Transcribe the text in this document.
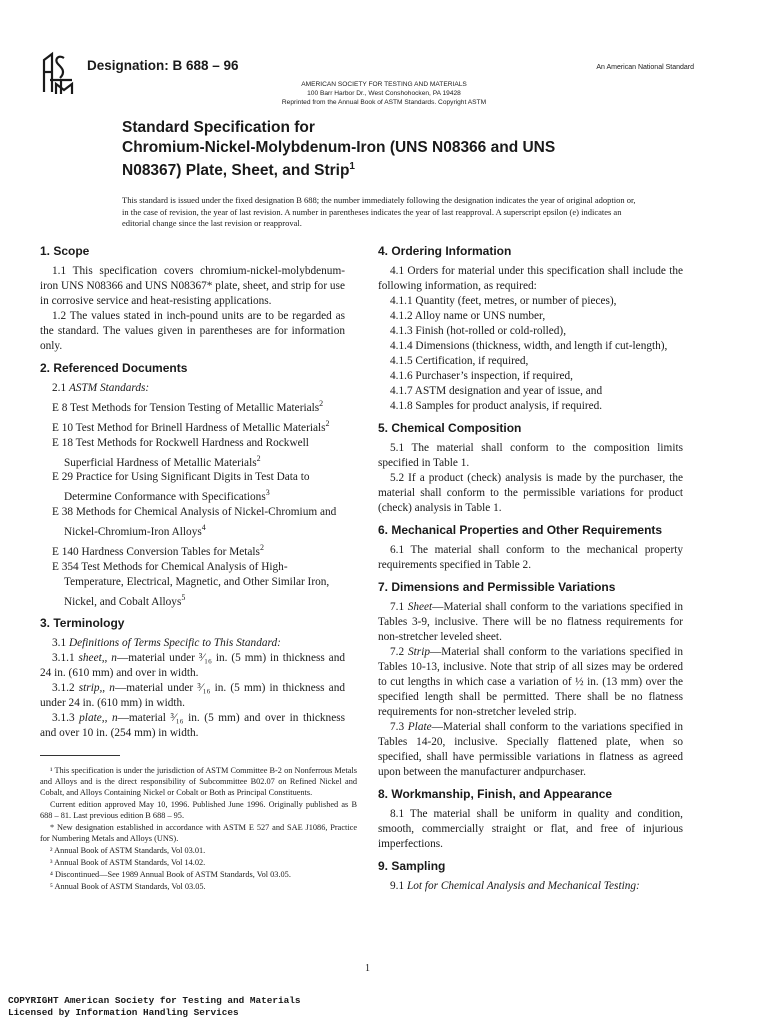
Designation: B 688 – 96	An American National Standard
AMERICAN SOCIETY FOR TESTING AND MATERIALS
100 Barr Harbor Dr., West Conshohocken, PA 19428
Reprinted from the Annual Book of ASTM Standards. Copyright ASTM
Standard Specification for
Chromium-Nickel-Molybdenum-Iron (UNS N08366 and UNS
N08367) Plate, Sheet, and Strip$^1$
This standard is issued under the fixed designation B 688; the number immediately following the designation indicates the year of original adoption or, in the case of revision, the year of last revision. A number in parentheses indicates the year of last reapproval. A superscript epsilon (e) indicates an editorial change since the last revision or reapproval.
1. Scope

1.1 This specification covers chromium-nickel-molybdenum-iron UNS N08366 and UNS N08367* plate, sheet, and strip for use in corrosive service and heat-resisting applications.

1.2 The values stated in inch-pound units are to be regarded as the standard. The values given in parentheses are for information only.

2. Referenced Documents

2.1 ASTM Standards:

E 8 Test Methods for Tension Testing of Metallic Materials$^2$

E 10 Test Method for Brinell Hardness of Metallic Materials$^2$

E 18 Test Methods for Rockwell Hardness and Rockwell Superficial Hardness of Metallic Materials$^2$

E 29 Practice for Using Significant Digits in Test Data to Determine Conformance with Specifications$^3$

E 38 Methods for Chemical Analysis of Nickel-Chromium and Nickel-Chromium-Iron Alloys$^4$

E 140 Hardness Conversion Tables for Metals$^2$

E 354 Test Methods for Chemical Analysis of High-Temperature, Electrical, Magnetic, and Other Similar Iron, Nickel, and Cobalt Alloys$^5$

3. Terminology

3.1 Definitions of Terms Specific to This Standard:

3.1.1 sheet,, n—material under ³⁄₁₆ in. (5 mm) in thickness and 24 in. (610 mm) and over in width.

3.1.2 strip,, n—material under ³⁄₁₆ in. (5 mm) in thickness and under 24 in. (610 mm) in width.

3.1.3 plate,, n—material ³⁄₁₆ in. (5 mm) and over in thickness and over 10 in. (254 mm) in width.

4. Ordering Information

4.1 Orders for material under this specification shall include the following information, as required:

4.1.1 Quantity (feet, metres, or number of pieces),

4.1.2 Alloy name or UNS number,

4.1.3 Finish (hot-rolled or cold-rolled),

4.1.4 Dimensions (thickness, width, and length if cut-length),

4.1.5 Certification, if required,

4.1.6 Purchaser’s inspection, if required,

4.1.7 ASTM designation and year of issue, and

4.1.8 Samples for product analysis, if required.

5. Chemical Composition

5.1 The material shall conform to the composition limits specified in Table 1.

5.2 If a product (check) analysis is made by the purchaser, the material shall conform to the permissible variations for product (check) analysis in Table 1.

6. Mechanical Properties and Other Requirements

6.1 The material shall conform to the mechanical property requirements specified in Table 2.

7. Dimensions and Permissible Variations

7.1 Sheet—Material shall conform to the variations specified in Tables 3-9, inclusive. There will be no flatness requirements for non-stretcher leveled sheet.

7.2 Strip—Material shall conform to the variations specified in Tables 10-13, inclusive. Note that strip of all sizes may be ordered to cut lengths in which case a variation of ½ in. (13 mm) over the specified length shall be permitted. There shall be no flatness requirements for non-stretcher leveled strip.

7.3 Plate—Material shall conform to the variations specified in Tables 14-20, inclusive. Specially flattened plate, when so specified, shall have permissible variations in flatness as agreed upon between the manufacturer andpurchaser.

8. Workmanship, Finish, and Appearance

8.1 The material shall be uniform in quality and condition, smooth, commercially straight or flat, and free of injurious imperfections.

9. Sampling

9.1 Lot for Chemical Analysis and Mechanical Testing:

¹ This specification is under the jurisdiction of ASTM Committee B-2 on Nonferrous Metals and Alloys and is the direct responsibility of Subcommittee B02.07 on Refined Nickel and Cobalt, and Alloys Containing Nickel or Cobalt or Both as Principal Constituents.

Current edition approved May 10, 1996. Published June 1996. Originally published as B 688 – 81. Last previous edition B 688 – 95.

* New designation established in accordance with ASTM E 527 and SAE J1086, Practice for Numbering Metals and Alloys (UNS).

² Annual Book of ASTM Standards, Vol 03.01.

³ Annual Book of ASTM Standards, Vol 14.02.

⁴ Discontinued—See 1989 Annual Book of ASTM Standards, Vol 03.05.

⁵ Annual Book of ASTM Standards, Vol 03.05.

1
COPYRIGHT American Society for Testing and Materials
Licensed by Information Handling Services
